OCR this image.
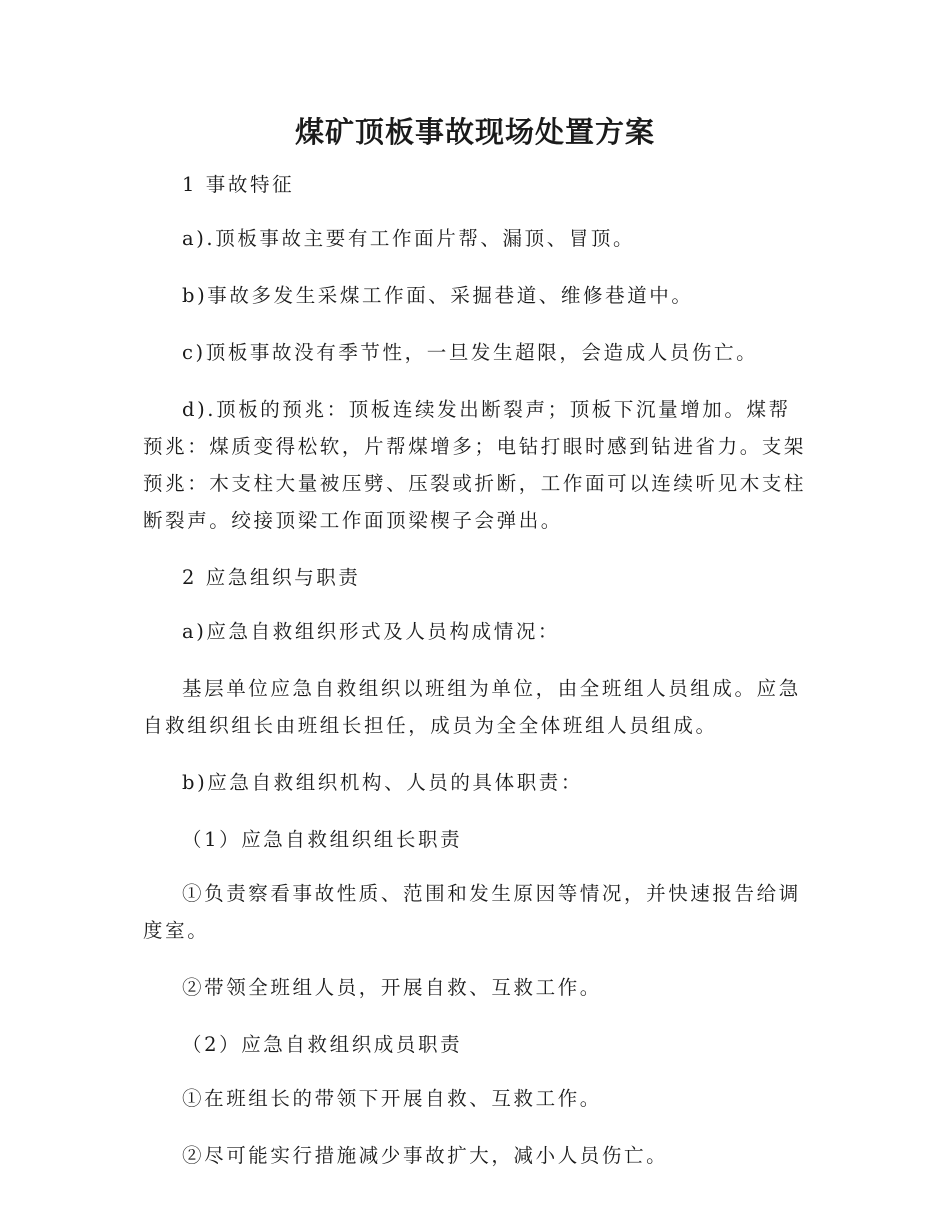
煤矿顶板事故现场处置方案

1 事故特征

a).顶板事故主要有工作面片帮、漏顶、冒顶。

b)事故多发生采煤工作面、采掘巷道、维修巷道中。

c)顶板事故没有季节性，一旦发生超限，会造成人员伤亡。

d).顶板的预兆：顶板连续发出断裂声；顶板下沉量增加。煤帮预兆：煤质变得松软，片帮煤增多；电钻打眼时感到钻进省力。支架预兆：木支柱大量被压劈、压裂或折断，工作面可以连续听见木支柱断裂声。绞接顶梁工作面顶梁楔子会弹出。

2 应急组织与职责

a)应急自救组织形式及人员构成情况：

基层单位应急自救组织以班组为单位，由全班组人员组成。应急自救组织组长由班组长担任，成员为全全体班组人员组成。

b)应急自救组织机构、人员的具体职责：

（1）应急自救组织组长职责

①负责察看事故性质、范围和发生原因等情况，并快速报告给调度室。

②带领全班组人员，开展自救、互救工作。

（2）应急自救组织成员职责

①在班组长的带领下开展自救、互救工作。

②尽可能实行措施减少事故扩大，减小人员伤亡。
